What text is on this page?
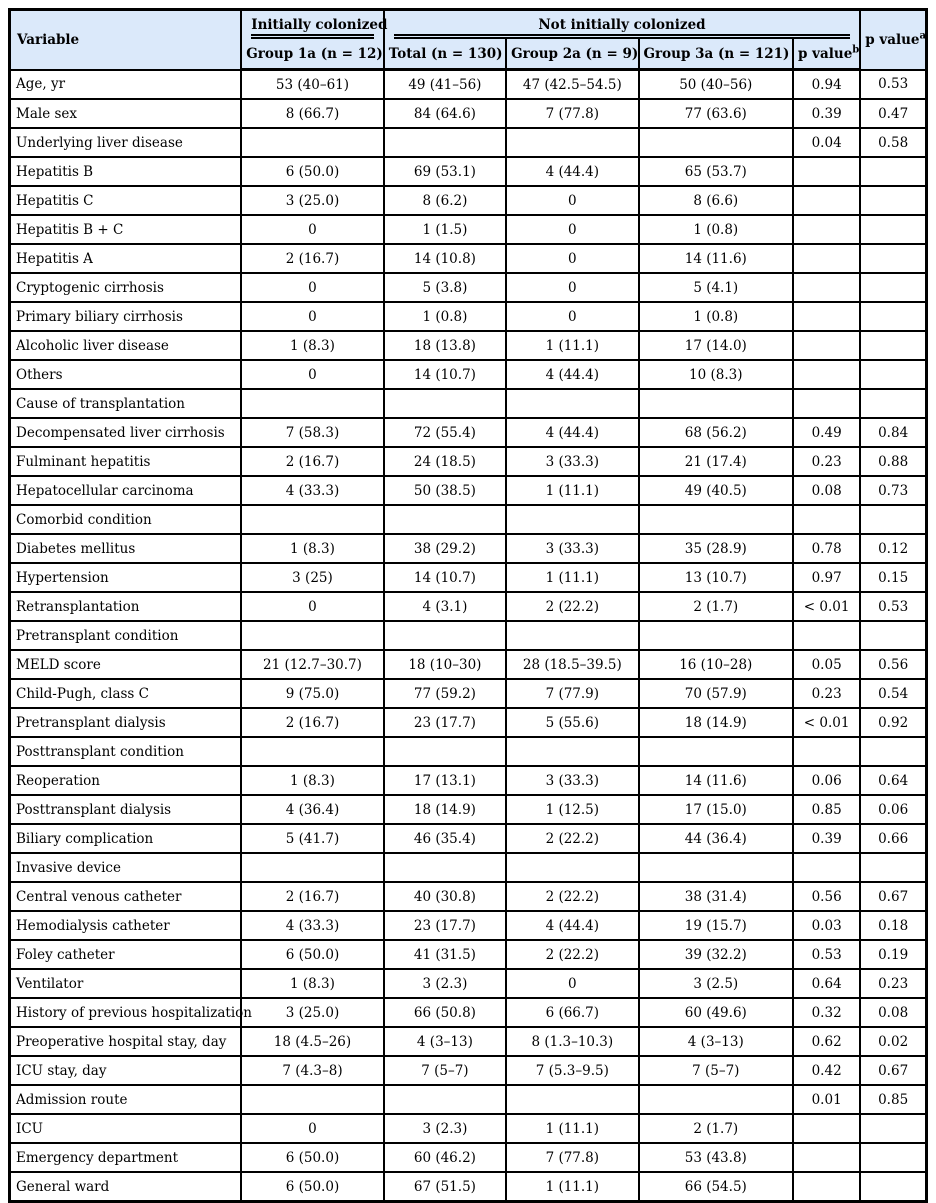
Variable	Initially colonized	Not initially colonized				p value$^a$
	Group 1a (n = 12)	Total (n = 130)	Group 2a (n = 9)	Group 3a (n = 121)	p value$^b$
Age, yr	53 (40–61)	49 (41–56)	47 (42.5–54.5)	50 (40–56)	0.94	0.53
Male sex	8 (66.7)	84 (64.6)	7 (77.8)	77 (63.6)	0.39	0.47
Underlying liver disease					0.04	0.58
Hepatitis B	6 (50.0)	69 (53.1)	4 (44.4)	65 (53.7)		
Hepatitis C	3 (25.0)	8 (6.2)	0	8 (6.6)		
Hepatitis B + C	0	1 (1.5)	0	1 (0.8)		
Hepatitis A	2 (16.7)	14 (10.8)	0	14 (11.6)		
Cryptogenic cirrhosis	0	5 (3.8)	0	5 (4.1)		
Primary biliary cirrhosis	0	1 (0.8)	0	1 (0.8)		
Alcoholic liver disease	1 (8.3)	18 (13.8)	1 (11.1)	17 (14.0)		
Others	0	14 (10.7)	4 (44.4)	10 (8.3)		
Cause of transplantation						
Decompensated liver cirrhosis	7 (58.3)	72 (55.4)	4 (44.4)	68 (56.2)	0.49	0.84
Fulminant hepatitis	2 (16.7)	24 (18.5)	3 (33.3)	21 (17.4)	0.23	0.88
Hepatocellular carcinoma	4 (33.3)	50 (38.5)	1 (11.1)	49 (40.5)	0.08	0.73
Comorbid condition						
Diabetes mellitus	1 (8.3)	38 (29.2)	3 (33.3)	35 (28.9)	0.78	0.12
Hypertension	3 (25)	14 (10.7)	1 (11.1)	13 (10.7)	0.97	0.15
Retransplantation	0	4 (3.1)	2 (22.2)	2 (1.7)	< 0.01	0.53
Pretransplant condition						
MELD score	21 (12.7–30.7)	18 (10–30)	28 (18.5–39.5)	16 (10–28)	0.05	0.56
Child-Pugh, class C	9 (75.0)	77 (59.2)	7 (77.9)	70 (57.9)	0.23	0.54
Pretransplant dialysis	2 (16.7)	23 (17.7)	5 (55.6)	18 (14.9)	< 0.01	0.92
Posttransplant condition						
Reoperation	1 (8.3)	17 (13.1)	3 (33.3)	14 (11.6)	0.06	0.64
Posttransplant dialysis	4 (36.4)	18 (14.9)	1 (12.5)	17 (15.0)	0.85	0.06
Biliary complication	5 (41.7)	46 (35.4)	2 (22.2)	44 (36.4)	0.39	0.66
Invasive device						
Central venous catheter	2 (16.7)	40 (30.8)	2 (22.2)	38 (31.4)	0.56	0.67
Hemodialysis catheter	4 (33.3)	23 (17.7)	4 (44.4)	19 (15.7)	0.03	0.18
Foley catheter	6 (50.0)	41 (31.5)	2 (22.2)	39 (32.2)	0.53	0.19
Ventilator	1 (8.3)	3 (2.3)	0	3 (2.5)	0.64	0.23
History of previous hospitalization	3 (25.0)	66 (50.8)	6 (66.7)	60 (49.6)	0.32	0.08
Preoperative hospital stay, day	18 (4.5–26)	4 (3–13)	8 (1.3–10.3)	4 (3–13)	0.62	0.02
ICU stay, day	7 (4.3–8)	7 (5–7)	7 (5.3–9.5)	7 (5–7)	0.42	0.67
Admission route					0.01	0.85
ICU	0	3 (2.3)	1 (11.1)	2 (1.7)		
Emergency department	6 (50.0)	60 (46.2)	7 (77.8)	53 (43.8)		
General ward	6 (50.0)	67 (51.5)	1 (11.1)	66 (54.5)		
